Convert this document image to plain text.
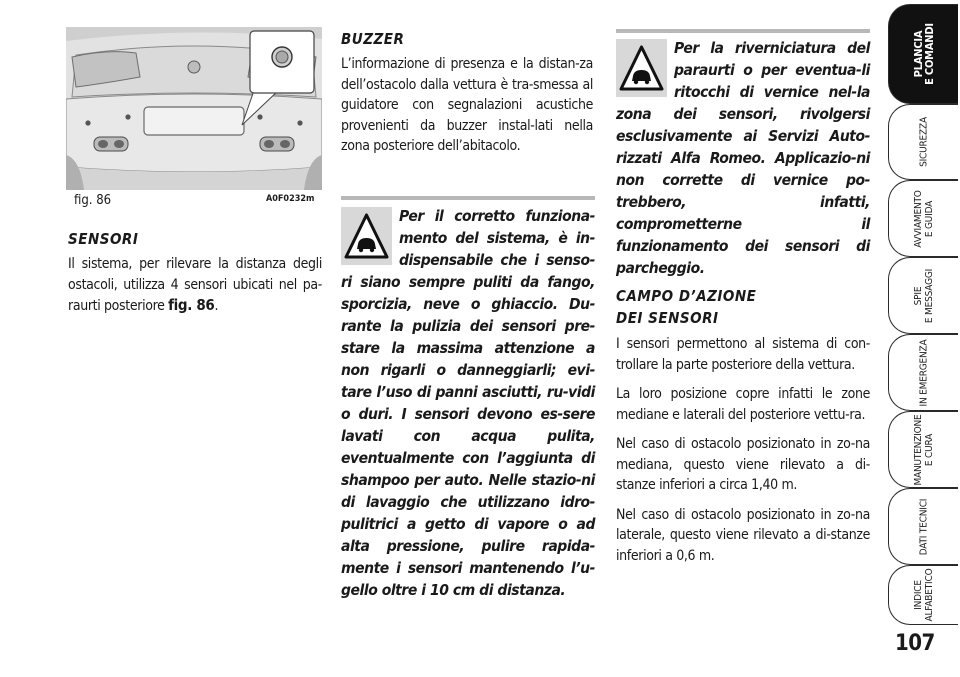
fig. 86	A0F0232m
SENSORI
Il sistema, per rilevare la distanza degli ostacoli, utilizza 4 sensori ubicati nel pa-raurti posteriore fig. 86.
BUZZER
L’informazione di presenza e la distan-za dell’ostacolo dalla vettura è tra-smessa al guidatore con segnalazioni acustiche provenienti da buzzer instal-lati nella zona posteriore dell’abitacolo.
Per il corretto funziona-mento del sistema, è in-dispensabile che i senso-ri siano sempre puliti da fango, sporcizia, neve o ghiaccio. Du-rante la pulizia dei sensori pre-stare la massima attenzione a non rigarli o danneggiarli; evi-tare l’uso di panni asciutti, ru-vidi o duri. I sensori devono es-sere lavati con acqua pulita, eventualmente con l’aggiunta di shampoo per auto. Nelle stazio-ni di lavaggio che utilizzano idro-pulitrici a getto di vapore o ad alta pressione, pulire rapida-mente i sensori mantenendo l’u-gello oltre i 10 cm di distanza.
Per la riverniciatura del paraurti o per eventua-li ritocchi di vernice nel-la zona dei sensori, rivolgersi esclusivamente ai Servizi Auto-rizzati Alfa Romeo. Applicazio-ni non corrette di vernice po-trebbero, infatti, comprometterne il funzionamento dei sensori di parcheggio.
CAMPO D’AZIONE
DEI SENSORI

I sensori permettono al sistema di con-trollare la parte posteriore della vettura.

La loro posizione copre infatti le zone mediane e laterali del posteriore vettu-ra.

Nel caso di ostacolo posizionato in zo-na mediana, questo viene rilevato a di-stanze inferiori a circa 1,40 m.

Nel caso di ostacolo posizionato in zo-na laterale, questo viene rilevato a di-stanze inferiori a 0,6 m.

PLANCIA
E COMANDI
SICUREZZA
AVVIAMENTO
E GUIDA
SPIE
E MESSAGGI
IN EMERGENZA
MANUTENZIONE
E CURA
DATI TECNICI
INDICE
ALFABETICO
107
